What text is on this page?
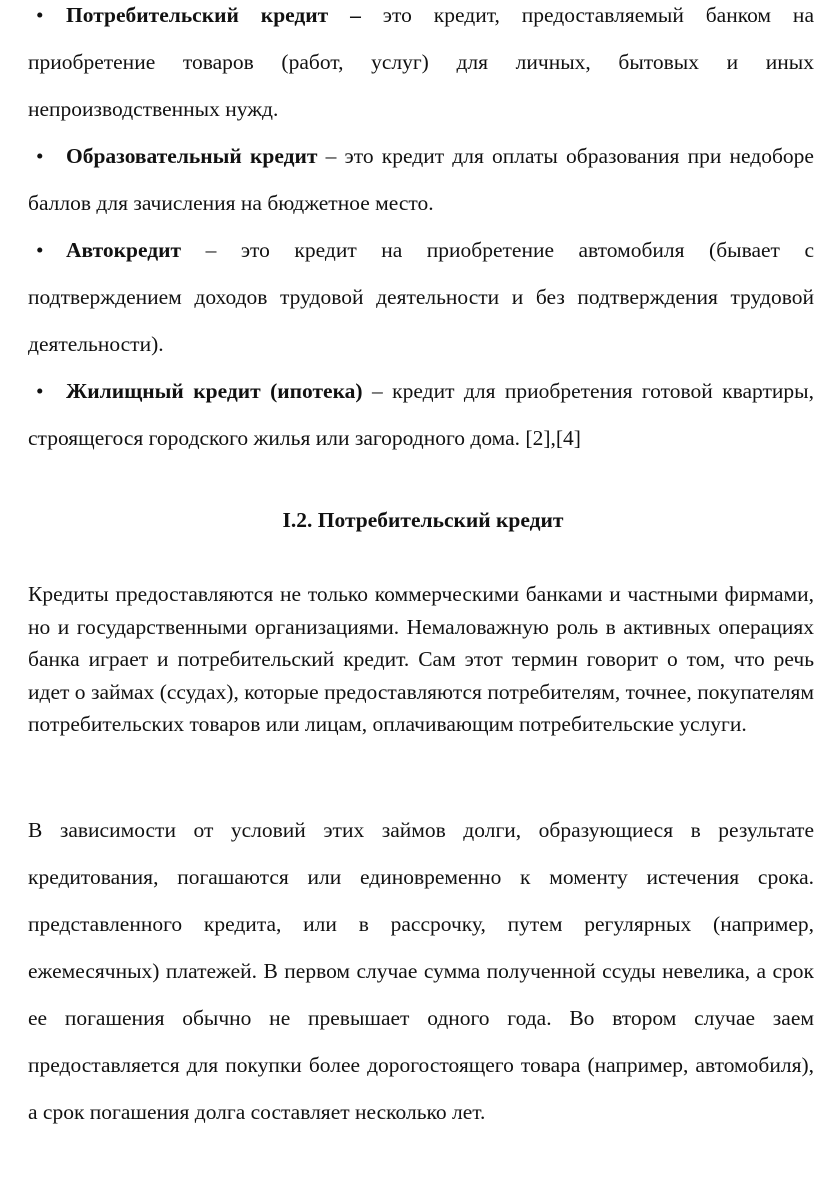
• Потребительский кредит – это кредит, предоставляемый банком на приобретение товаров (работ, услуг) для личных, бытовых и иных непроизводственных нужд.

• Образовательный кредит – это кредит для оплаты образования при недоборе баллов для зачисления на бюджетное место.

• Автокредит – это кредит на приобретение автомобиля (бывает с подтверждением доходов трудовой деятельности и без подтверждения трудовой деятельности).

• Жилищный кредит (ипотека) – кредит для приобретения готовой квартиры, строящегося городского жилья или загородного дома. [2],[4]

I.2. Потребительский кредит

Кредиты предоставляются не только коммерческими банками и частными фирмами, но и государственными организациями. Немаловажную роль в активных операциях банка играет и потребительский кредит. Сам этот термин говорит о том, что речь идет о займах (ссудах), которые предоставляются потребителям, точнее, покупателям потребительских товаров или лицам, оплачивающим потребительские услуги.

В зависимости от условий этих займов долги, образующиеся в результате кредитования, погашаются или единовременно к моменту истечения срока. представленного кредита, или в рассрочку, путем регулярных (например, ежемесячных) платежей. В первом случае сумма полученной ссуды невелика, а срок ее погашения обычно не превышает одного года. Во втором случае заем предоставляется для покупки более дорогостоящего товара (например, автомобиля), а срок погашения долга составляет несколько лет.
